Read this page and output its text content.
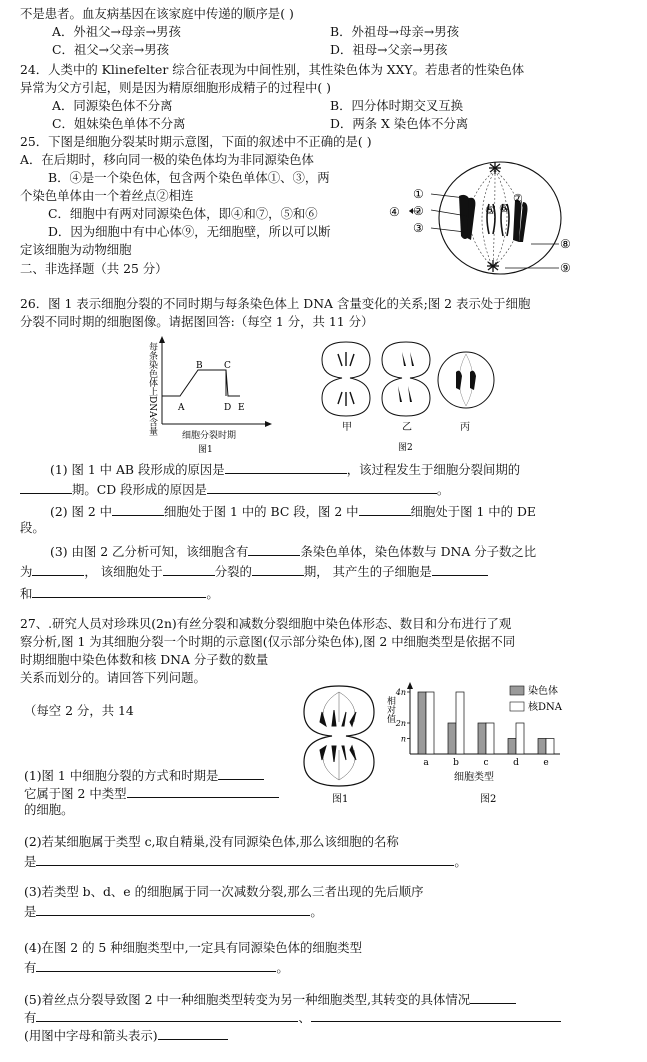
不是患者。血友病基因在该家庭中传递的顺序是( )
A．外祖父→母亲→男孩	B．外祖母→母亲→男孩
C．祖父→父亲→男孩	D．祖母→父亲→男孩
24．人类中的 Klinefelter 综合征表现为中间性别，其性染色体为 XXY。若患者的性染色体
异常为父方引起，则是因为精原细胞形成精子的过程中( )
A．同源染色体不分离	B．四分体时期交叉互换
C．姐妹染色单体不分离	D．两条 X 染色体不分离
25．下图是细胞分裂某时期示意图，下面的叙述中不正确的是( )
A．在后期时，移向同一极的染色体均为非同源染色体
B．④是一个染色体，包含两个染色单体①、③，两
个染色单体由一个着丝点②相连
C．细胞中有两对同源染色体，即④和⑦，⑤和⑥
D．因为细胞中有中心体⑨，无细胞壁，所以可以断
定该细胞为动物细胞
二、非选择题（共 25 分）
①
②
③
④	⑤ ⑥
⑦
⑧
⑨
26．图 1 表示细胞分裂的不同时期与每条染色体上 DNA 含量变化的关系;图 2 表示处于细胞
分裂不同时期的细胞图像。请据图回答:（每空 1 分，共 11 分）
每条染色体上DNA含量 A
B C
D E
细胞分裂时期
图1
甲	乙	丙
图2
(1) 图 1 中 AB 段形成的原因是	，该过程发生于细胞分裂间期的
期。CD 段形成的原因是	。
(2) 图 2 中	细胞处于图 1 中的 BC 段，图 2 中	细胞处于图 1 中的 DE
段。
(3) 由图 2 乙分析可知，该细胞含有	条染色单体，染色体数与 DNA 分子数之比
为	， 该细胞处于	分裂的	期， 其产生的子细胞是
和	。
27、.研究人员对珍珠贝(2n)有丝分裂和减数分裂细胞中染色体形态、数目和分布进行了观
察分析,图 1 为其细胞分裂一个时期的示意图(仅示部分染色体),图 2 中细胞类型是依据不同
时期细胞中染色体数和核 DNA 分子数的数量
关系而划分的。请回答下列问题。
（每空 2 分，共 14
图1
相对值
n
2n
4n
a	b	c	d	e
染色体
核DNA
细胞类型
图2
(1)图 1 中细胞分裂的方式和时期是
它属于图 2 中类型
的细胞。
(2)若某细胞属于类型 c,取自精巢,没有同源染色体,那么该细胞的名称
是	。
(3)若类型 b、d、e 的细胞属于同一次减数分裂,那么三者出现的先后顺序
是	。
(4)在图 2 的 5 种细胞类型中,一定具有同源染色体的细胞类型
有	。
(5)着丝点分裂导致图 2 中一种细胞类型转变为另一种细胞类型,其转变的具体情况
有	、
(用图中字母和箭头表示)
